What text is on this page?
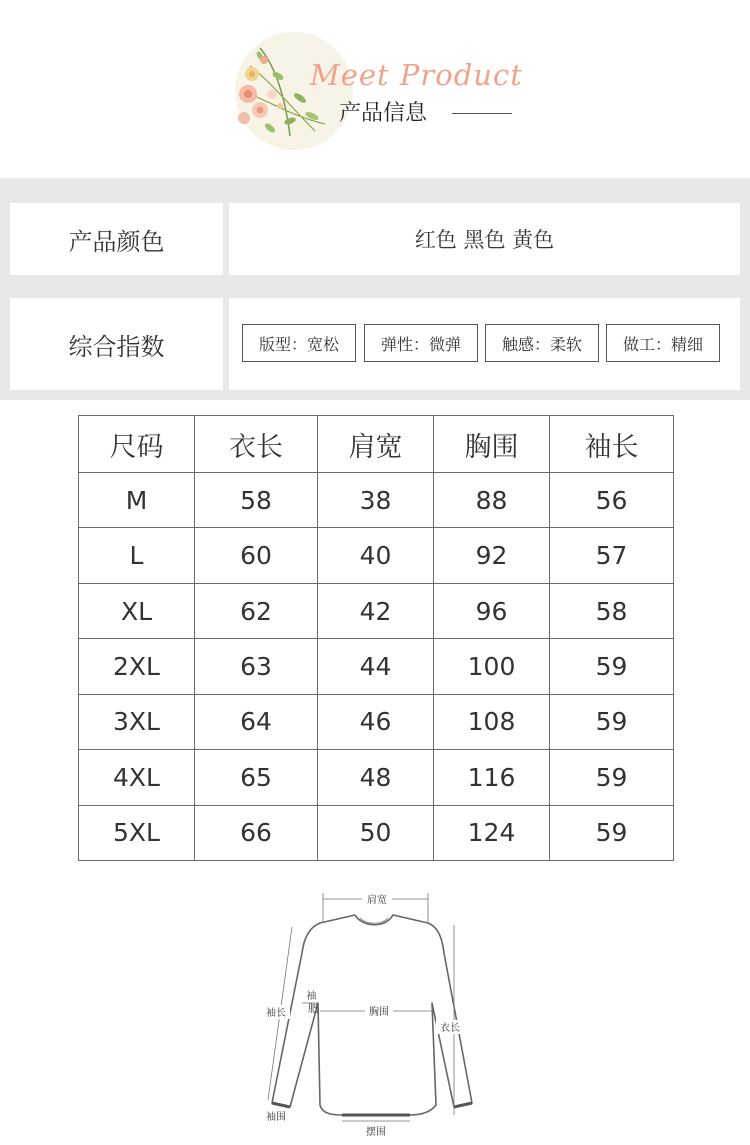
Meet Product
产品信息
产品颜色	红色 黑色 黄色
综合指数	版型：宽松	弹性：微弹	触感：柔软	做工：精细
尺码	衣长	肩宽	胸围	袖长
M	58	38	88	56
L	60	40	92	57
XL	62	42	96	58
2XL	63	44	100	59
3XL	64	46	108	59
4XL	65	48	116	59
5XL	66	50	124	59
肩宽
袖长
袖 肥	胸围
衣长
袖围
摆围
